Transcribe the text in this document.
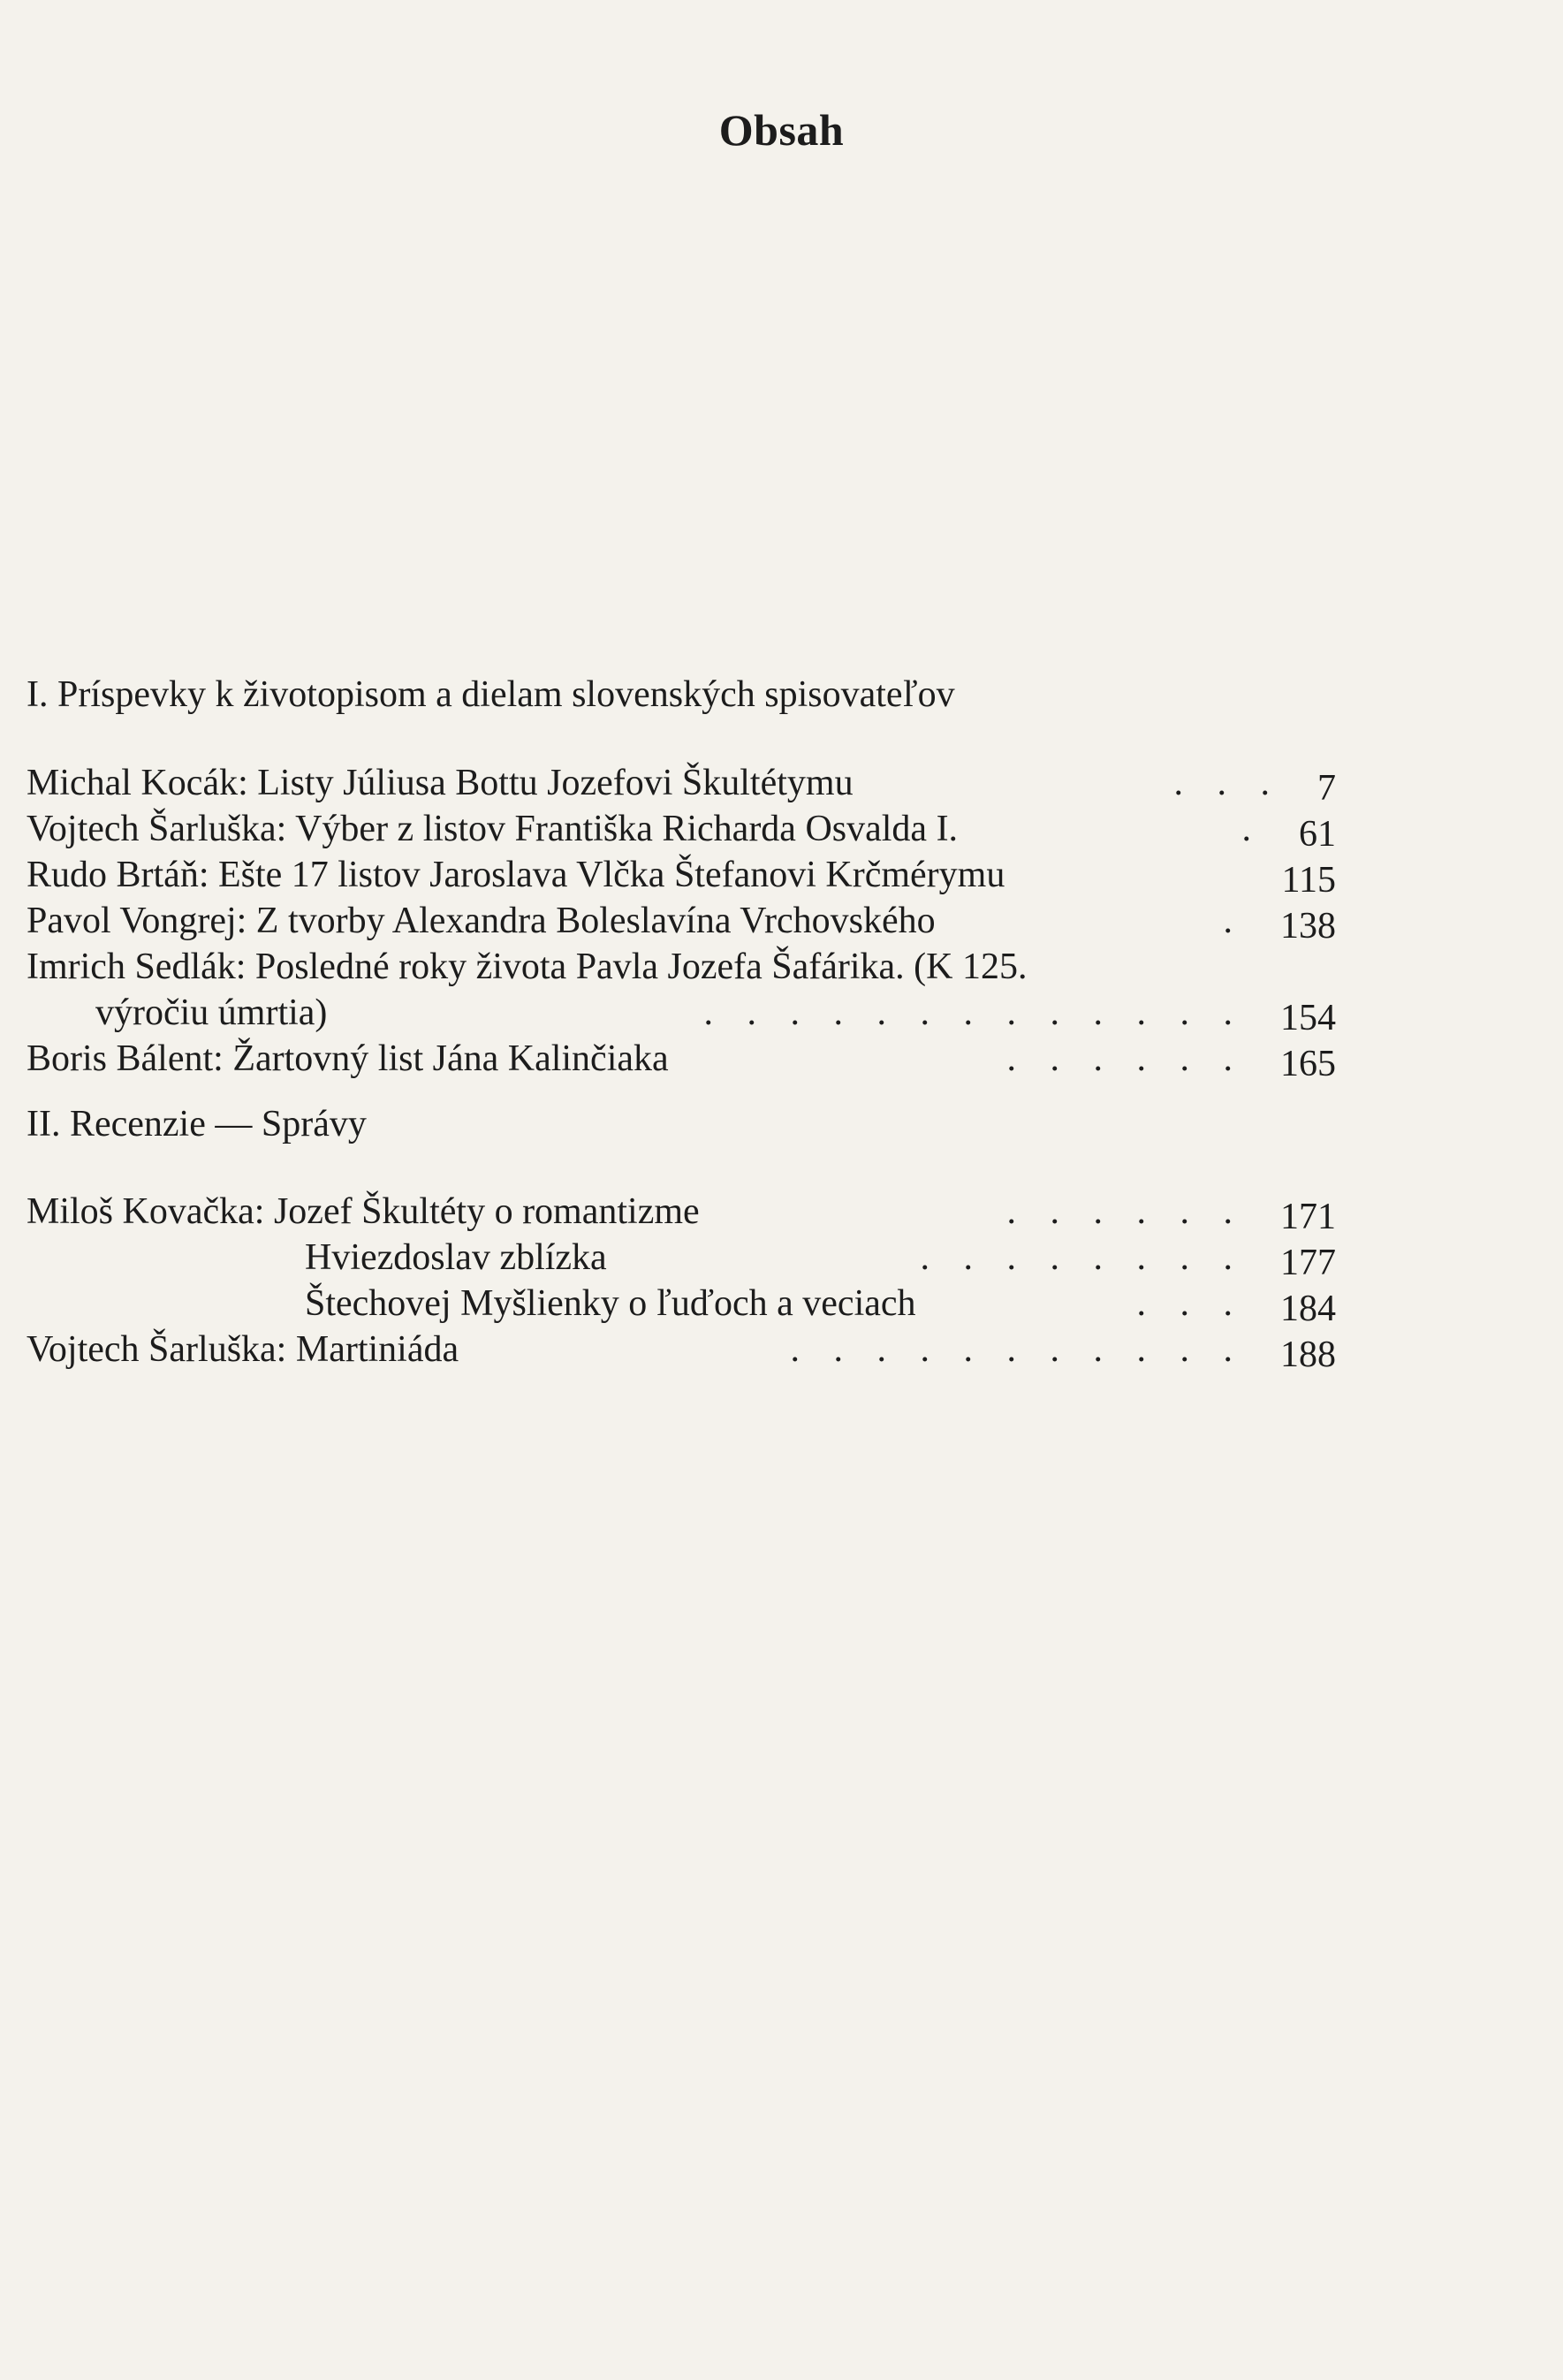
Obsah
I. Príspevky k životopisom a dielam slovenských spisovateľov
Michal Kocák: Listy Júliusa Bottu Jozefovi Škultétymu	. . . 7
Vojtech Šarluška: Výber z listov Františka Richarda Osvalda I.	. 61
Rudo Brtáň: Ešte 17 listov Jaroslava Vlčka Štefanovi Krčmérymu	115
Pavol Vongrej: Z tvorby Alexandra Boleslavína Vrchovského	. 138
Imrich Sedlák: Posledné roky života Pavla Jozefa Šafárika. (K 125.
výročiu úmrtia)	. . . . . . . . . . . . . 154
Boris Bálent: Žartovný list Jána Kalinčiaka	. . . . . . 165
II. Recenzie — Správy
Miloš Kovačka: Jozef Škultéty o romantizme	. . . . . . 171
Hviezdoslav zblízka	. . . . . . . . 177
Štechovej Myšlienky o ľuďoch a veciach	. . . 184
Vojtech Šarluška: Martiniáda	. . . . . . . . . . . 188
